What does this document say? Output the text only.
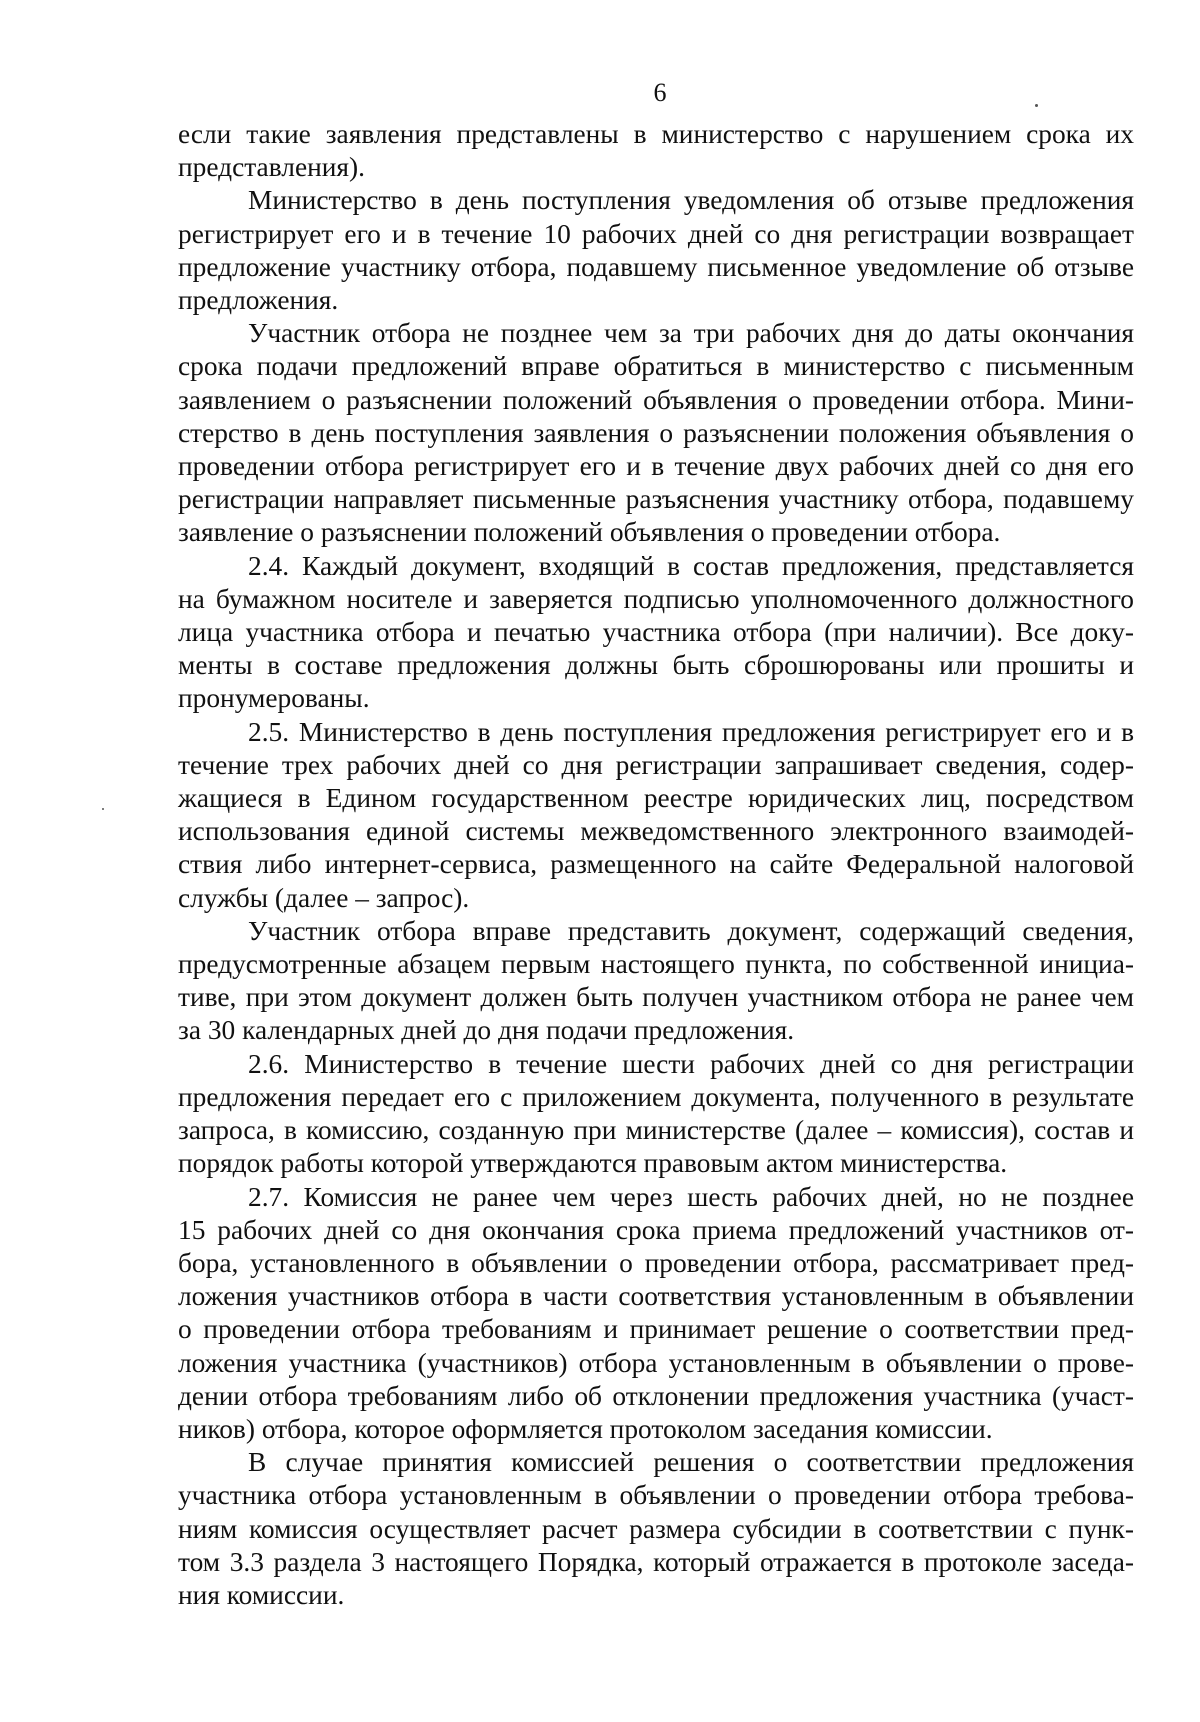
6

если такие заявления представлены в министерство с нарушением срока их

представления).

Министерство в день поступления уведомления об отзыве предложения

регистрирует его и в течение 10 рабочих дней со дня регистрации возвращает

предложение участнику отбора, подавшему письменное уведомление об отзыве

предложения.

Участник отбора не позднее чем за три рабочих дня до даты окончания

срока подачи предложений вправе обратиться в министерство с письменным

заявлением о разъяснении положений объявления о проведении отбора. Мини-

стерство в день поступления заявления о разъяснении положения объявления о

проведении отбора регистрирует его и в течение двух рабочих дней со дня его

регистрации направляет письменные разъяснения участнику отбора, подавшему

заявление о разъяснении положений объявления о проведении отбора.

2.4. Каждый документ, входящий в состав предложения, представляется

на бумажном носителе и заверяется подписью уполномоченного должностного

лица участника отбора и печатью участника отбора (при наличии). Все доку-

менты в составе предложения должны быть сброшюрованы или прошиты и

пронумерованы.

2.5. Министерство в день поступления предложения регистрирует его и в

течение трех рабочих дней со дня регистрации запрашивает сведения, содер-

жащиеся в Едином государственном реестре юридических лиц, посредством

использования единой системы межведомственного электронного взаимодей-

ствия либо интернет-сервиса, размещенного на сайте Федеральной налоговой

службы (далее – запрос).

Участник отбора вправе представить документ, содержащий сведения,

предусмотренные абзацем первым настоящего пункта, по собственной инициа-

тиве, при этом документ должен быть получен участником отбора не ранее чем

за 30 календарных дней до дня подачи предложения.

2.6. Министерство в течение шести рабочих дней со дня регистрации

предложения передает его с приложением документа, полученного в результате

запроса, в комиссию, созданную при министерстве (далее – комиссия), состав и

порядок работы которой утверждаются правовым актом министерства.

2.7. Комиссия не ранее чем через шесть рабочих дней, но не позднее

15 рабочих дней со дня окончания срока приема предложений участников от-

бора, установленного в объявлении о проведении отбора, рассматривает пред-

ложения участников отбора в части соответствия установленным в объявлении

о проведении отбора требованиям и принимает решение о соответствии пред-

ложения участника (участников) отбора установленным в объявлении о прове-

дении отбора требованиям либо об отклонении предложения участника (участ-

ников) отбора, которое оформляется протоколом заседания комиссии.

В случае принятия комиссией решения о соответствии предложения

участника отбора установленным в объявлении о проведении отбора требова-

ниям комиссия осуществляет расчет размера субсидии в соответствии с пунк-

том 3.3 раздела 3 настоящего Порядка, который отражается в протоколе заседа-

ния комиссии.
